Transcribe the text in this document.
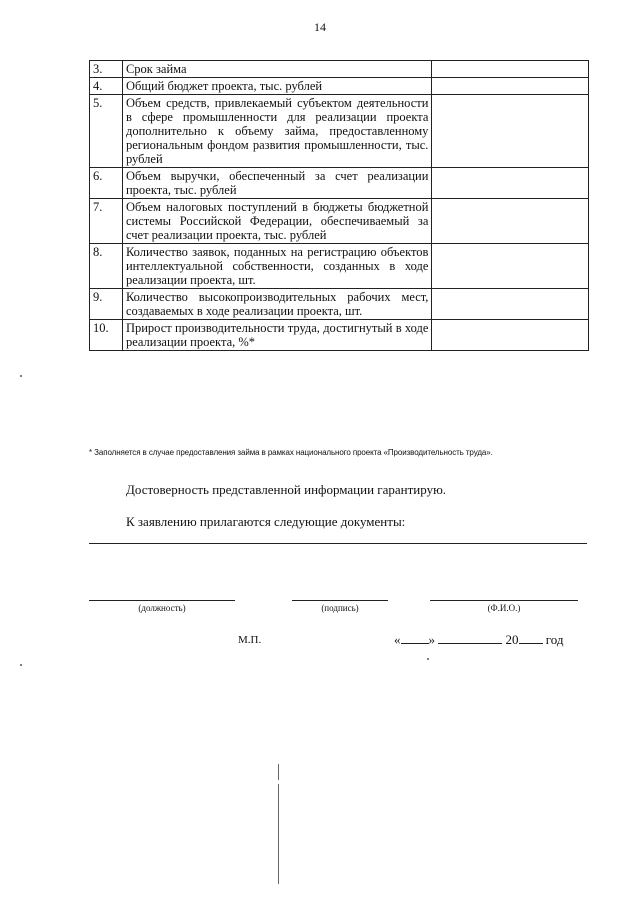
14
3.	Срок займа	
4.	Общий бюджет проекта, тыс. рублей	
5.	Объем средств, привлекаемый субъектом деятельности в сфере промышленности для реализации проекта дополнительно к объему займа, предоставленному региональным фондом развития промышленности, тыс. рублей	
6.	Объем выручки, обеспеченный за счет реализации проекта, тыс. рублей	
7.	Объем налоговых поступлений в бюджеты бюджетной системы Российской Федерации, обеспечиваемый за счет реализации проекта, тыс. рублей	
8.	Количество заявок, поданных на регистрацию объектов интеллектуальной собственности, созданных в ходе реализации проекта, шт.	
9.	Количество высокопроизводительных рабочих мест, создаваемых в ходе реализации проекта, шт.	
10.	Прирост производительности труда, достигнутый в ходе реализации проекта, %*	
* Заполняется в случае предоставления займа в рамках национального проекта «Производительность труда».
Достоверность представленной информации гарантирую.
К заявлению прилагаются следующие документы:
(должность)	(подпись)	(Ф.И.О.)
М.П.	« »	20 год
